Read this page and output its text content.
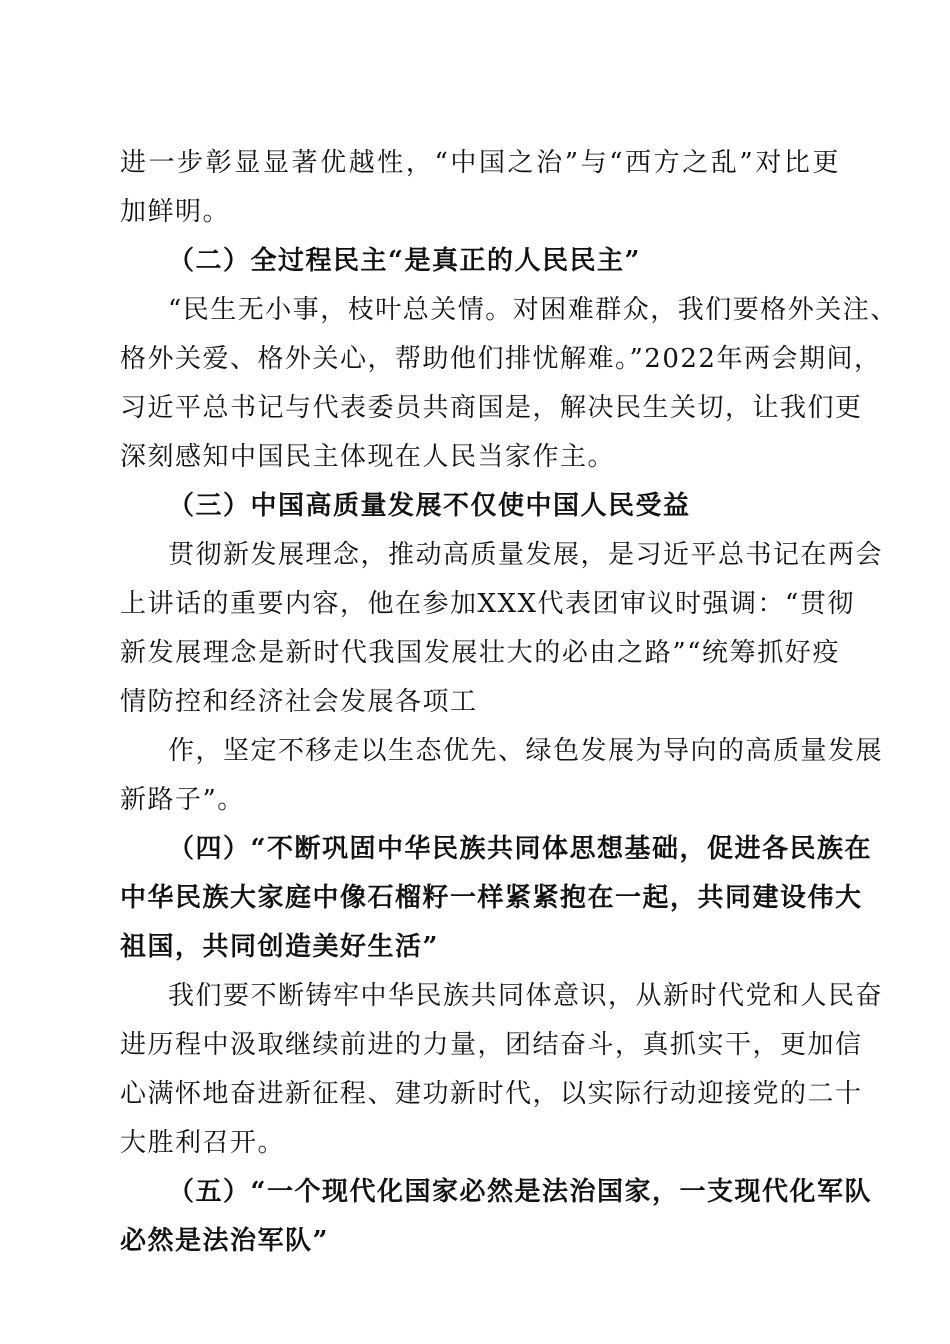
进一步彰显显著优越性，“中国之治”与“西方之乱”对比更
加鲜明。
（二）全过程民主“是真正的人民民主”
“民生无小事，枝叶总关情。对困难群众，我们要格外关注、
格外关爱、格外关心，帮助他们排忧解难。”2022年两会期间，
习近平总书记与代表委员共商国是，解决民生关切，让我们更
深刻感知中国民主体现在人民当家作主。
（三）中国高质量发展不仅使中国人民受益
贯彻新发展理念，推动高质量发展，是习近平总书记在两会
上讲话的重要内容，他在参加XXX代表团审议时强调：“贯彻
新发展理念是新时代我国发展壮大的必由之路”“统筹抓好疫
情防控和经济社会发展各项工
作，坚定不移走以生态优先、绿色发展为导向的高质量发展
新路子”。
（四）“不断巩固中华民族共同体思想基础，促进各民族在
中华民族大家庭中像石榴籽一样紧紧抱在一起，共同建设伟大
祖国，共同创造美好生活”
我们要不断铸牢中华民族共同体意识，从新时代党和人民奋
进历程中汲取继续前进的力量，团结奋斗，真抓实干，更加信
心满怀地奋进新征程、建功新时代，以实际行动迎接党的二十
大胜利召开。
（五）“一个现代化国家必然是法治国家，一支现代化军队
必然是法治军队”
